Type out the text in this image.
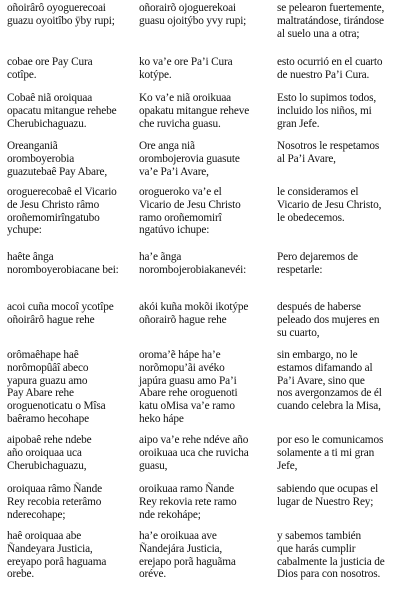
oñoirârô oyoguerecoai
guazu oyoitîbo ÿby rupi;
oñorairõ ojoguerekoai
guasu ojoitýbo yvy rupi;
se pelearon fuertemente,
maltratándose, tirándose
al suelo una a otra;
cobae ore Pay Cura
cotîpe.
ko va’e ore Pa’i Cura
kotýpe.
esto ocurrió en el cuarto
de nuestro Pa’i Cura.
Cobaê niã oroiquaa
opacatu mitangue rehebe
Cherubichaguazu.
Ko va’e niã oroikuaa
opakatu mitangue reheve
che ruvicha guasu.
Esto lo supimos todos,
incluido los niños, mi
gran Jefe.
Oreanganiã
oromboyerobia
guazutebaê Pay Abare,
Ore anga niã
orombojerovia guasute
va’e Pa’i Avare,
Nosotros le respetamos
al Pa’i Avare,
oroguerecobaê el Vicario
de Jesu Christo râmo
oroñemomirîngatubo
ychupe:
orogueroko va’e el
Vicario de Jesu Christo
ramo oroñemomirî
ngatúvo ichupe:
le consideramos el
Vicario de Jesu Christo,
le obedecemos.
haête ânga
noromboyerobiacane bei:
ha’e ãnga
norombojerobiakanevéi:
Pero dejaremos de
respetarle:
acoi cuña mocoî ycotîpe
oñoirârô hague rehe
akói kuña mokõi ikotýpe
oñorairõ hague rehe
después de haberse
peleado dos mujeres en
su cuarto,
orômaêhape haê
norômopûâî abeco
yapura guazu amo
Pay Abare rehe
oroguenoticatu o Mîsa
baêramo hecohape
oroma’ẽ hápe ha’e
norõmopu’ãi avéko
japúra guasu amo Pa’i
Abare rehe oroguenoti
katu oMisa va’e ramo
heko hápe
sin embargo, no le
estamos difamando al
Pa’i Avare, sino que
nos avergonzamos de él
cuando celebra la Misa,
aipobaê rehe ndebe
año oroiquaa uca
Cherubichaguazu,
aipo va’e rehe ndéve año
oroikuaa uca che ruvicha
guasu,
por eso le comunicamos
solamente a ti mi gran
Jefe,
oroiquaa râmo Ñande
Rey recobia reterâmo
nderecohape;
oroikuaa ramo Ñande
Rey rekovia rete ramo
nde rekohápe;
sabiendo que ocupas el
lugar de Nuestro Rey;
haê oroiquaa abe
Ñandeyara Justicia,
ereyapo porâ haguama
orebe.
ha’e oroikuaa ave
Ñandejára Justicia,
erejapo porã haguãma
oréve.
y sabemos también
que harás cumplir
cabalmente la justicia de
Dios para con nosotros.
